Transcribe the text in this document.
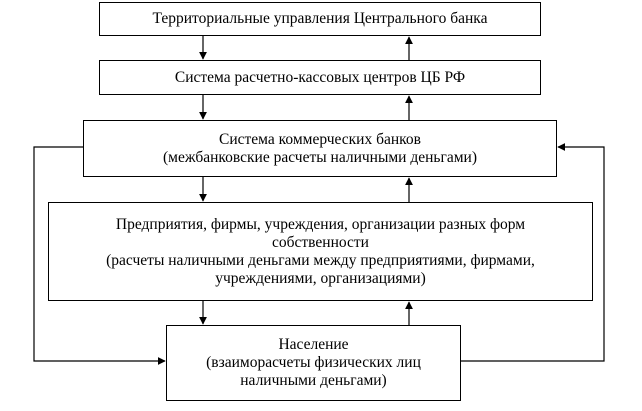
Территориальные управления Центрального банка
Система расчетно-кассовых центров ЦБ РФ
Система коммерческих банков
(межбанковские расчеты наличными деньгами)
Предприятия, фирмы, учреждения, организации разных форм
собственности
(расчеты наличными деньгами между предприятиями, фирмами,
учреждениями, организациями)
Население
(взаиморасчеты физических лиц
наличными деньгами)
